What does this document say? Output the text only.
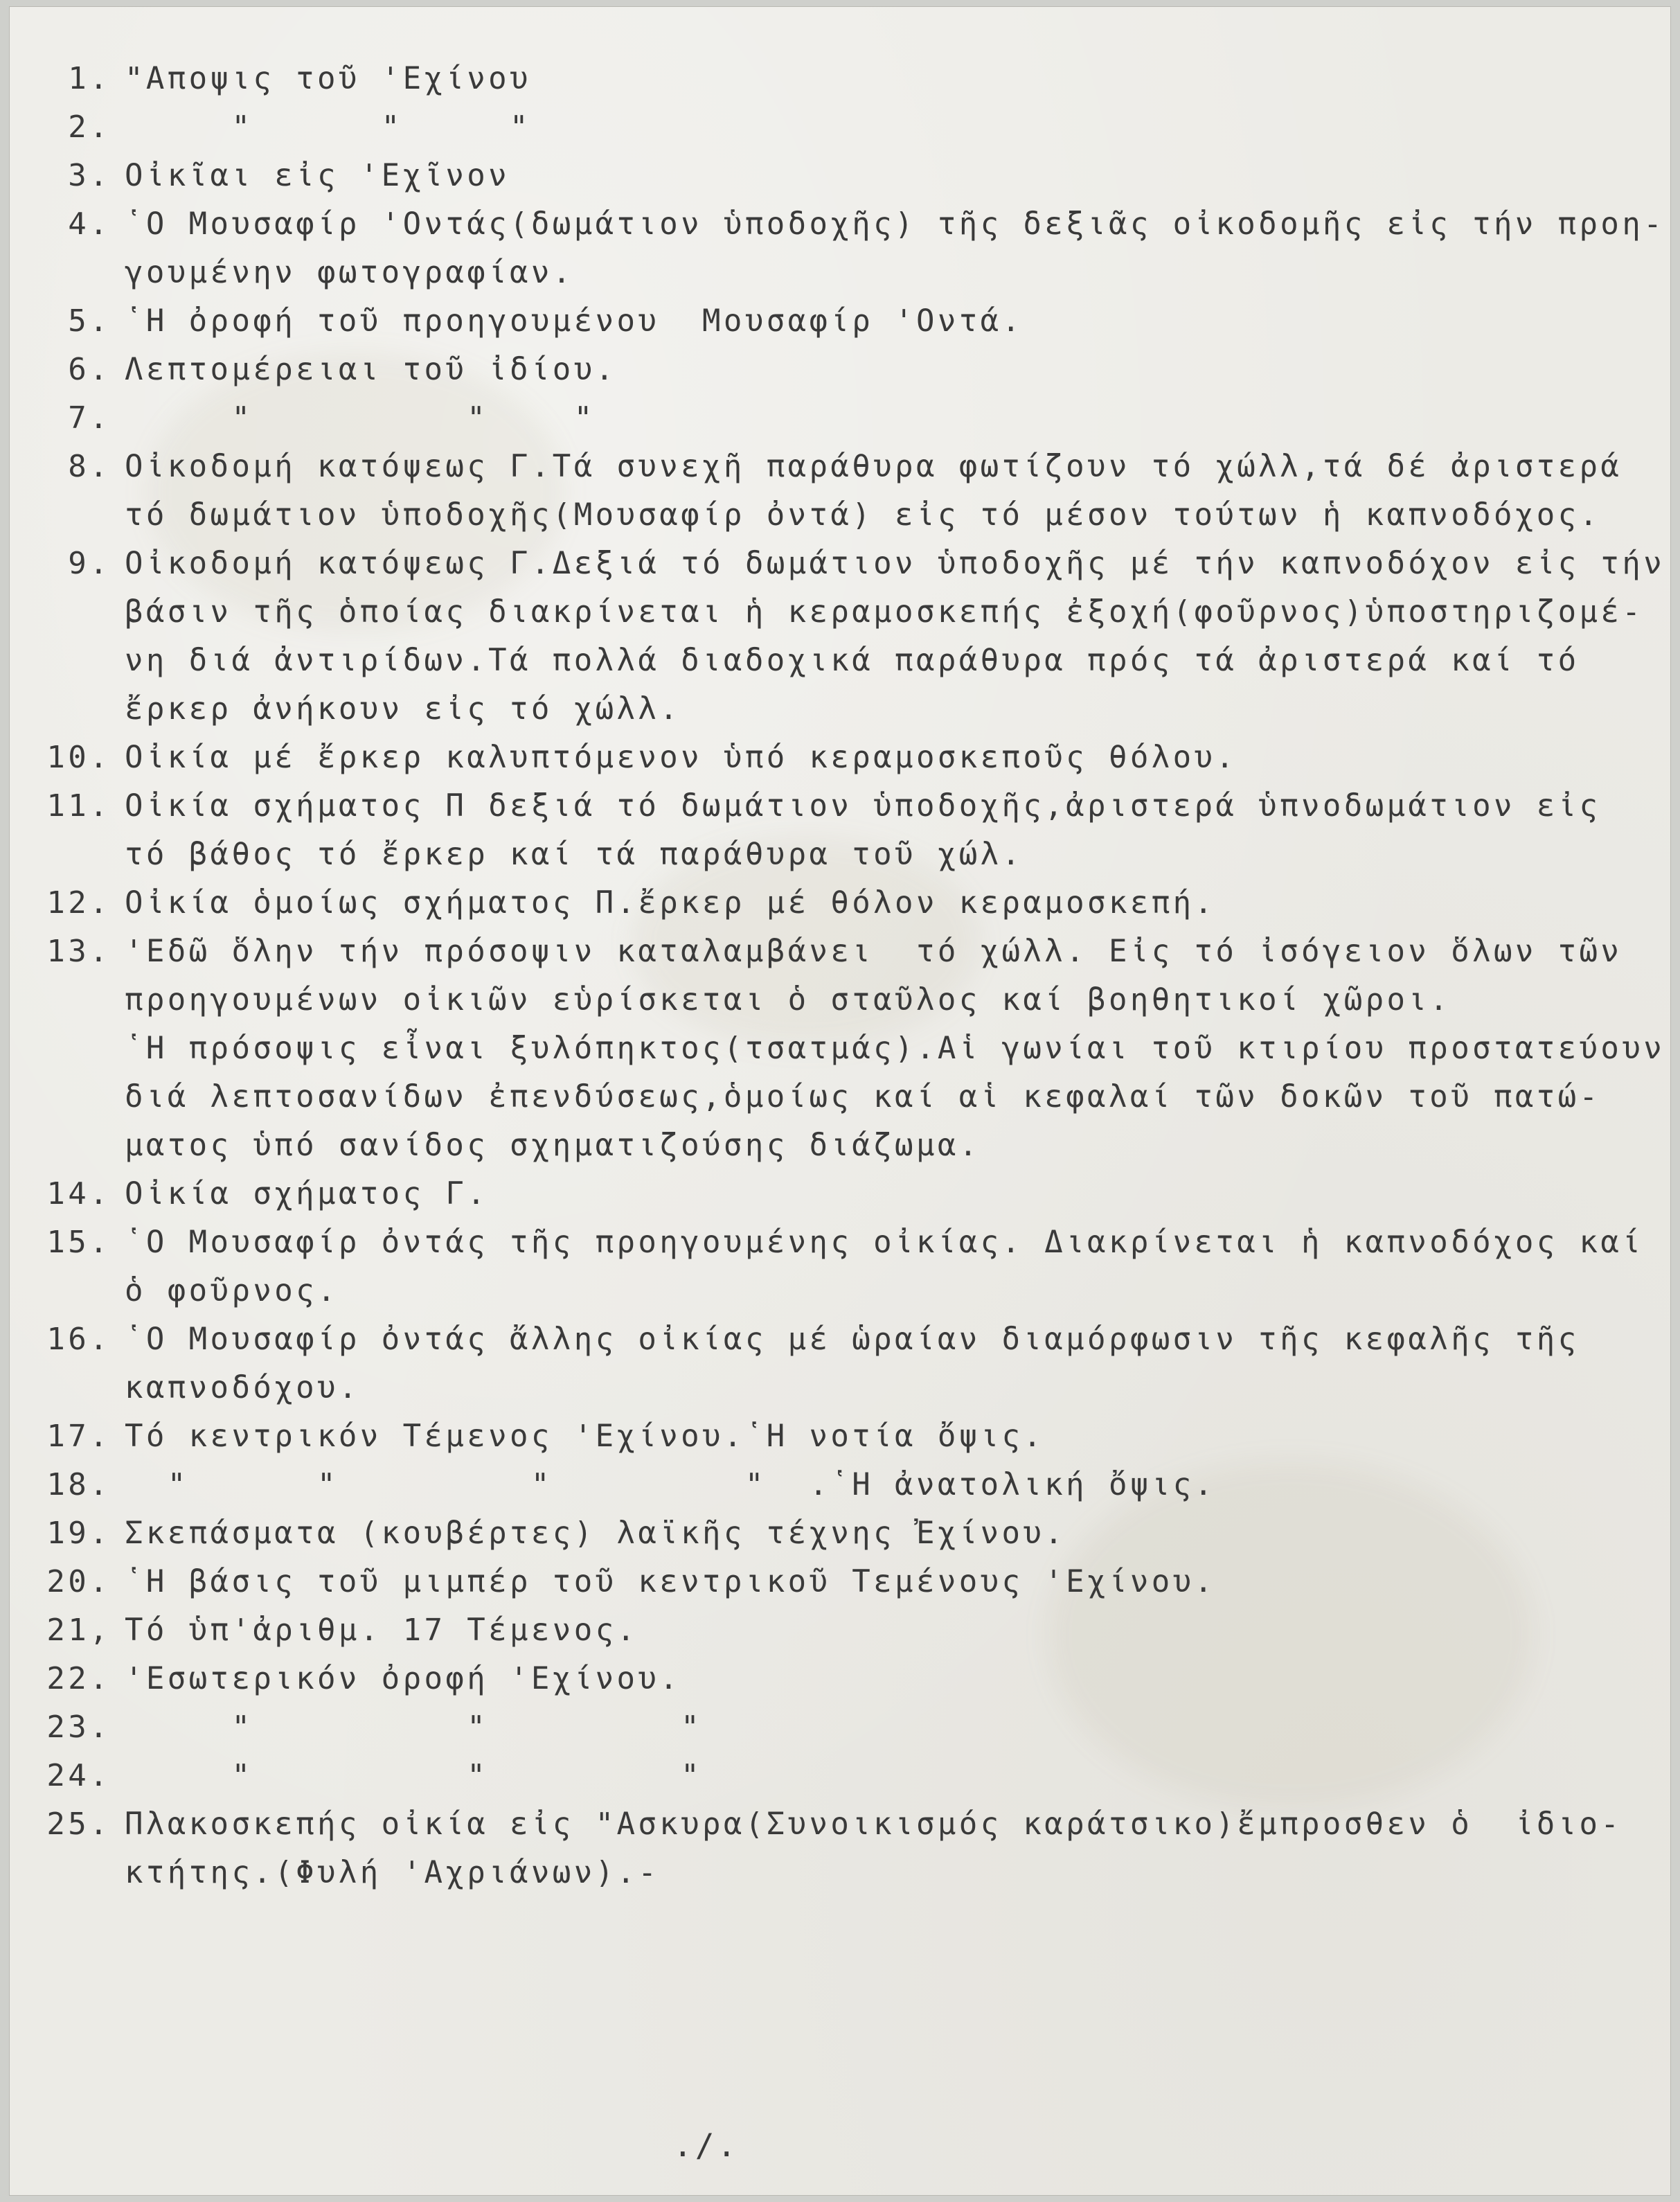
1. "Αποψις τοῦ 'Εχίνου
2. "      "     "
3. Οἰκῖαι εἰς 'Εχῖνον
4. ῾Ο Μουσαφίρ 'Οντάς(δωμάτιον ὑποδοχῆς) τῆς δεξιᾶς οἰκοδομῆς εἰς τήν προη-
γουμένην φωτογραφίαν.
5. ῾Η ὀροφή τοῦ προηγουμένου  Μουσαφίρ 'Οντά.
6. Λεπτομέρειαι τοῦ ἰδίου.
7. "          "    "
8. Οἰκοδομή κατόψεως Γ.Τά συνεχῆ παράθυρα φωτίζουν τό χώλλ,τά δέ ἀριστερά
τό δωμάτιον ὑποδοχῆς(Μουσαφίρ ὀντά) εἰς τό μέσον τούτων ἡ καπνοδόχος.
9. Οἰκοδομή κατόψεως Γ.Δεξιά τό δωμάτιον ὑποδοχῆς μέ τήν καπνοδόχον εἰς τήν
βάσιν τῆς ὁποίας διακρίνεται ἡ κεραμοσκεπής ἐξοχή(φοῦρνος)ὑποστηριζομέ-
νη διά ἀντιρίδων.Τά πολλά διαδοχικά παράθυρα πρός τά ἀριστερά καί τό
ἔρκερ ἀνήκουν εἰς τό χώλλ.
10. Οἰκία μέ ἔρκερ καλυπτόμενον ὑπό κεραμοσκεποῦς θόλου.
11. Οἰκία σχήματος Π δεξιά τό δωμάτιον ὑποδοχῆς,ἀριστερά ὑπνοδωμάτιον εἰς
τό βάθος τό ἔρκερ καί τά παράθυρα τοῦ χώλ.
12. Οἰκία ὁμοίως σχήματος Π.ἔρκερ μέ θόλον κεραμοσκεπή.
13. 'Εδῶ ὅλην τήν πρόσοψιν καταλαμβάνει  τό χώλλ. Εἰς τό ἰσόγειον ὅλων τῶν
προηγουμένων οἰκιῶν εὑρίσκεται ὁ σταῦλος καί βοηθητικοί χῶροι.
῾Η πρόσοψις εἶναι ξυλόπηκτος(τσατμάς).Αἱ γωνίαι τοῦ κτιρίου προστατεύουν
διά λεπτοσανίδων ἐπενδύσεως,ὁμοίως καί αἱ κεφαλαί τῶν δοκῶν τοῦ πατώ-
ματος ὑπό σανίδος σχηματιζούσης διάζωμα.
14. Οἰκία σχήματος Γ.
15. ῾Ο Μουσαφίρ ὀντάς τῆς προηγουμένης οἰκίας. Διακρίνεται ἡ καπνοδόχος καί
ὁ φοῦρνος.
16. ῾Ο Μουσαφίρ ὀντάς ἄλλης οἰκίας μέ ὡραίαν διαμόρφωσιν τῆς κεφαλῆς τῆς
καπνοδόχου.
17. Τό κεντρικόν Τέμενος 'Εχίνου.῾Η νοτία ὄψις.
18. "      "         "         "  .῾Η ἀνατολική ὄψις.
19. Σκεπάσματα (κουβέρτες) λαϊκῆς τέχνης Ἐχίνου.
20. ῾Η βάσις τοῦ μιμπέρ τοῦ κεντρικοῦ Τεμένους 'Εχίνου.
21, Τό ὑπ'ἀριθμ. 17 Τέμενος.
22. 'Εσωτερικόν ὀροφή 'Εχίνου.
23. "          "         "
24. "          "         "
25. Πλακοσκεπής οἰκία εἰς "Ασκυρα(Συνοικισμός καράτσικο)ἔμπροσθεν ὁ  ἰδιο-
κτήτης.(Φυλή 'Αχριάνων).-
.∕.
